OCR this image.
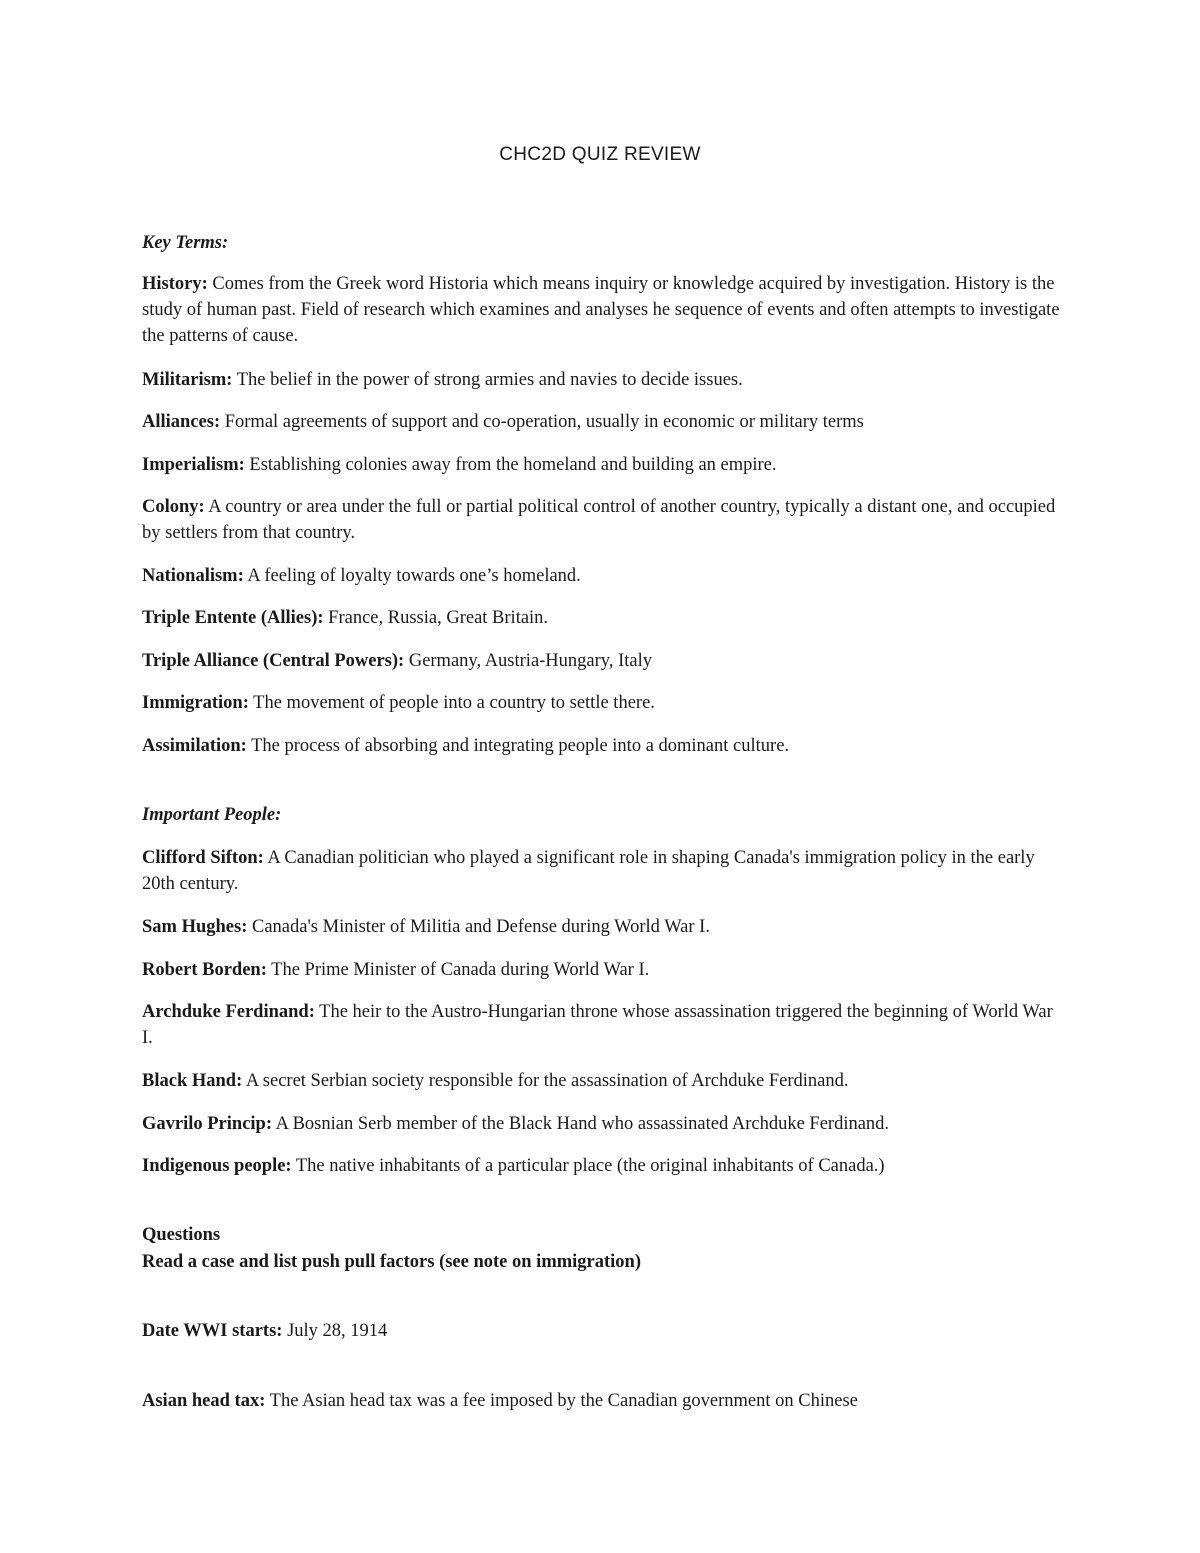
CHC2D QUIZ REVIEW
Key Terms:
History: Comes from the Greek word Historia which means inquiry or knowledge acquired by investigation. History is the study of human past. Field of research which examines and analyses he sequence of events and often attempts to investigate the patterns of cause.
Militarism: The belief in the power of strong armies and navies to decide issues.
Alliances: Formal agreements of support and co-operation, usually in economic or military terms
Imperialism: Establishing colonies away from the homeland and building an empire.
Colony: A country or area under the full or partial political control of another country, typically a distant one, and occupied by settlers from that country.
Nationalism: A feeling of loyalty towards one’s homeland.
Triple Entente (Allies): France, Russia, Great Britain.
Triple Alliance (Central Powers): Germany, Austria-Hungary, Italy
Immigration: The movement of people into a country to settle there.
Assimilation: The process of absorbing and integrating people into a dominant culture.
Important People:
Clifford Sifton: A Canadian politician who played a significant role in shaping Canada's immigration policy in the early 20th century.
Sam Hughes: Canada's Minister of Militia and Defense during World War I.
Robert Borden: The Prime Minister of Canada during World War I.
Archduke Ferdinand: The heir to the Austro-Hungarian throne whose assassination triggered the beginning of World War I.
Black Hand: A secret Serbian society responsible for the assassination of Archduke Ferdinand.
Gavrilo Princip: A Bosnian Serb member of the Black Hand who assassinated Archduke Ferdinand.
Indigenous people: The native inhabitants of a particular place (the original inhabitants of Canada.)
Questions
Read a case and list push pull factors (see note on immigration)
Date WWI starts: July 28, 1914
Asian head tax: The Asian head tax was a fee imposed by the Canadian government on Chinese
